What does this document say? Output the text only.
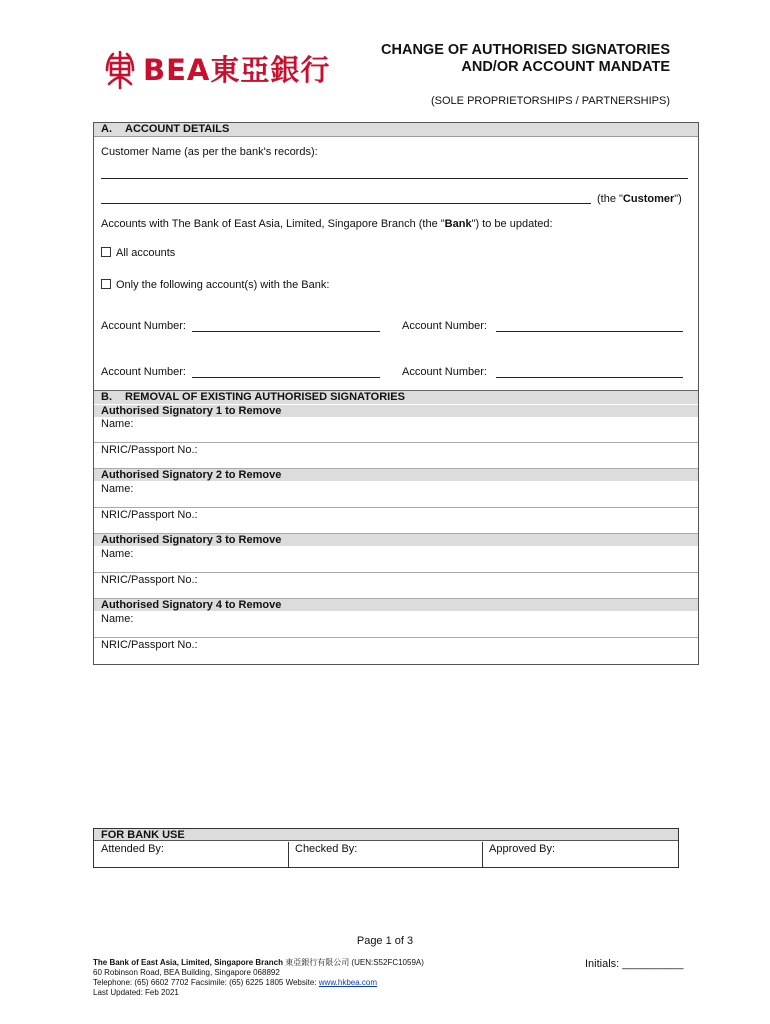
BEA東亞銀行
CHANGE OF AUTHORISED SIGNATORIES AND/OR ACCOUNT MANDATE
(SOLE PROPRIETORSHIPS / PARTNERSHIPS)
A. ACCOUNT DETAILS
Customer Name (as per the bank's records):
(the "Customer")
Accounts with The Bank of East Asia, Limited, Singapore Branch (the "Bank") to be updated:
All accounts
Only the following account(s) with the Bank:
Account Number:	Account Number:
Account Number:	Account Number:
B. REMOVAL OF EXISTING AUTHORISED SIGNATORIES
Authorised Signatory 1 to Remove
Name:
NRIC/Passport No.:
Authorised Signatory 2 to Remove
Name:
NRIC/Passport No.:
Authorised Signatory 3 to Remove
Name:
NRIC/Passport No.:
Authorised Signatory 4 to Remove
Name:
NRIC/Passport No.:
FOR BANK USE
Attended By:	Checked By:	Approved By:
Page 1 of 3
The Bank of East Asia, Limited, Singapore Branch 東亞銀行有限公司 (UEN:S52FC1059A)
60 Robinson Road, BEA Building, Singapore 068892
Telephone: (65) 6602 7702 Facsimile: (65) 6225 1805 Website: www.hkbea.com
Last Updated: Feb 2021
Initials: __________
